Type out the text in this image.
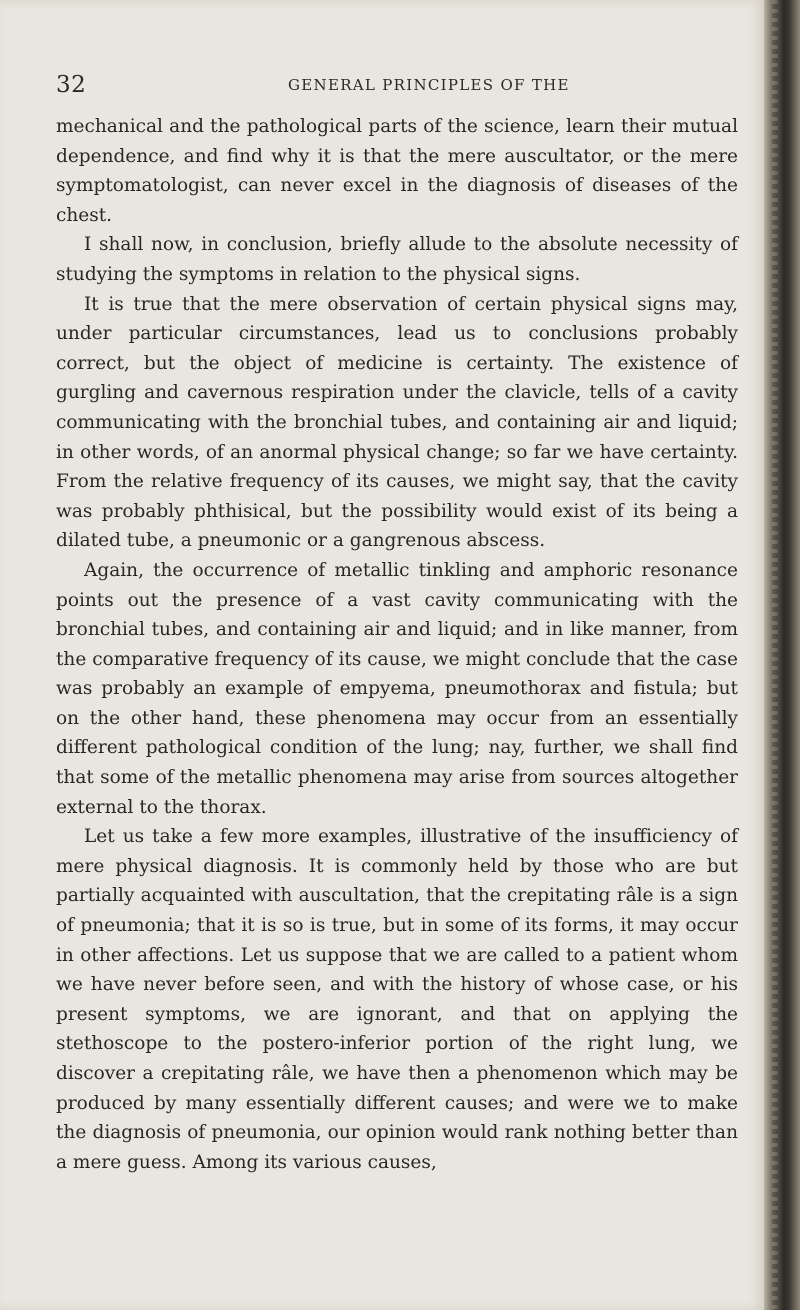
32	GENERAL PRINCIPLES OF THE

mechanical and the pathological parts of the science, learn their mutual dependence, and find why it is that the mere auscultator, or the mere symptomatologist, can never excel in the diagnosis of diseases of the chest.

I shall now, in conclusion, briefly allude to the absolute necessity of studying the symptoms in relation to the physical signs.

It is true that the mere observation of certain physical signs may, under particular circumstances, lead us to conclusions probably correct, but the object of medicine is certainty. The existence of gurgling and cavernous respiration under the clavicle, tells of a cavity communicating with the bronchial tubes, and containing air and liquid; in other words, of an anormal physical change; so far we have certainty. From the relative frequency of its causes, we might say, that the cavity was probably phthisical, but the possibility would exist of its being a dilated tube, a pneumonic or a gangrenous abscess.

Again, the occurrence of metallic tinkling and amphoric resonance points out the presence of a vast cavity communicating with the bronchial tubes, and containing air and liquid; and in like manner, from the comparative frequency of its cause, we might conclude that the case was probably an example of empyema, pneumothorax and fistula; but on the other hand, these phenomena may occur from an essentially different pathological condition of the lung; nay, further, we shall find that some of the metallic phenomena may arise from sources altogether external to the thorax.

Let us take a few more examples, illustrative of the insufficiency of mere physical diagnosis. It is commonly held by those who are but partially acquainted with auscultation, that the crepitating râle is a sign of pneumonia; that it is so is true, but in some of its forms, it may occur in other affections. Let us suppose that we are called to a patient whom we have never before seen, and with the history of whose case, or his present symptoms, we are ignorant, and that on applying the stethoscope to the postero-inferior portion of the right lung, we discover a crepitating râle, we have then a phenomenon which may be produced by many essentially different causes; and were we to make the diagnosis of pneumonia, our opinion would rank nothing better than a mere guess. Among its various causes,
